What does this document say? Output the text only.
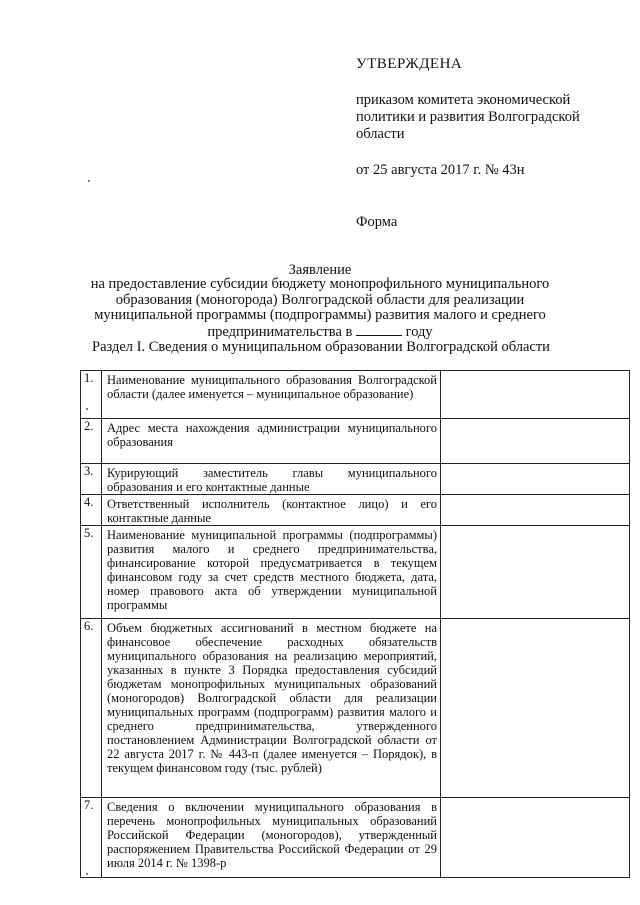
УТВЕРЖДЕНА
приказом комитета экономической политики и развития Волгоградской области
от 25 августа 2017 г. № 43н
Форма
Заявление
на предоставление субсидии бюджету монопрофильного муниципального образования (моногорода) Волгоградской области для реализации муниципальной программы (подпрограммы) развития малого и среднего предпринимательства в	году
Раздел I. Сведения о муниципальном образовании Волгоградской области
1.	Наименование муниципального образования Волгоградской области (далее именуется – муниципальное образование)	
2.	Адрес места нахождения администрации муниципального образования	
3.	Курирующий заместитель главы муниципального образования и его контактные данные	
4.	Ответственный исполнитель (контактное лицо) и его контактные данные	
5.	Наименование муниципальной программы (подпрограммы) развития малого и среднего предпринимательства, финансирование которой предусматривается в текущем финансовом году за счет средств местного бюджета, дата, номер правового акта об утверждении муниципальной программы	
6.	Объем бюджетных ассигнований в местном бюджете на финансовое обеспечение расходных обязательств муниципального образования на реализацию мероприятий, указанных в пункте 3 Порядка предоставления субсидий бюджетам монопрофильных муниципальных образований (моногородов) Волгоградской области для реализации муниципальных программ (подпрограмм) развития малого и среднего предпринимательства, утвержденного постановлением Администрации Волгоградской области от 22 августа 2017 г. № 443-п (далее именуется – Порядок), в текущем финансовом году (тыс. рублей)	
7.	Сведения о включении муниципального образования в перечень монопрофильных муниципальных образований Российской Федерации (моногородов), утвержденный распоряжением Правительства Российской Федерации от 29 июля 2014 г. № 1398-р	
